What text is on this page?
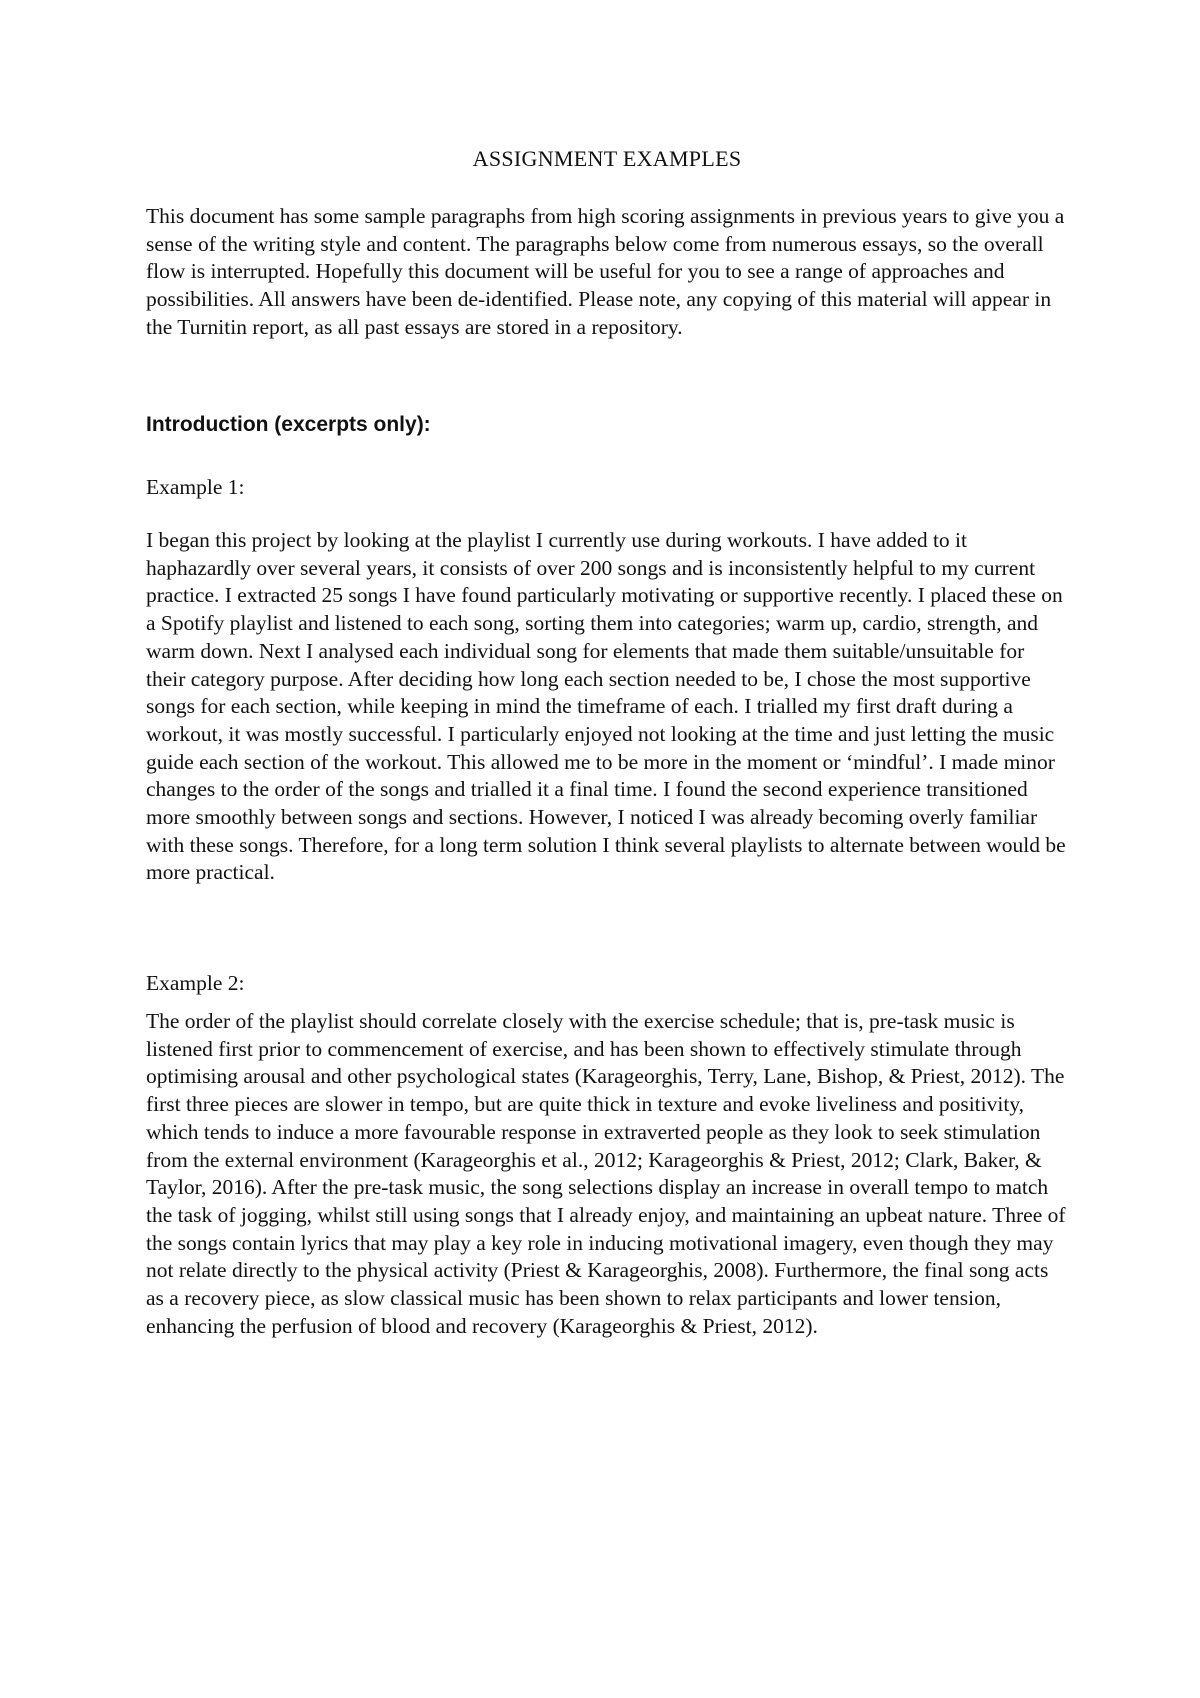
ASSIGNMENT EXAMPLES

This document has some sample paragraphs from high scoring assignments in previous years to give you a sense of the writing style and content. The paragraphs below come from numerous essays, so the overall flow is interrupted. Hopefully this document will be useful for you to see a range of approaches and possibilities. All answers have been de-identified. Please note, any copying of this material will appear in the Turnitin report, as all past essays are stored in a repository.

Introduction (excerpts only):

Example 1:

I began this project by looking at the playlist I currently use during workouts. I have added to it haphazardly over several years, it consists of over 200 songs and is inconsistently helpful to my current practice. I extracted 25 songs I have found particularly motivating or supportive recently. I placed these on a Spotify playlist and listened to each song, sorting them into categories; warm up, cardio, strength, and warm down. Next I analysed each individual song for elements that made them suitable/unsuitable for their category purpose. After deciding how long each section needed to be, I chose the most supportive songs for each section, while keeping in mind the timeframe of each. I trialled my first draft during a workout, it was mostly successful. I particularly enjoyed not looking at the time and just letting the music guide each section of the workout. This allowed me to be more in the moment or ‘mindful’. I made minor changes to the order of the songs and trialled it a final time. I found the second experience transitioned more smoothly between songs and sections. However, I noticed I was already becoming overly familiar with these songs. Therefore, for a long term solution I think several playlists to alternate between would be more practical.

Example 2:

The order of the playlist should correlate closely with the exercise schedule; that is, pre-task music is listened first prior to commencement of exercise, and has been shown to effectively stimulate through optimising arousal and other psychological states (Karageorghis, Terry, Lane, Bishop, & Priest, 2012). The first three pieces are slower in tempo, but are quite thick in texture and evoke liveliness and positivity, which tends to induce a more favourable response in extraverted people as they look to seek stimulation from the external environment (Karageorghis et al., 2012; Karageorghis & Priest, 2012; Clark, Baker, & Taylor, 2016). After the pre-task music, the song selections display an increase in overall tempo to match the task of jogging, whilst still using songs that I already enjoy, and maintaining an upbeat nature. Three of the songs contain lyrics that may play a key role in inducing motivational imagery, even though they may not relate directly to the physical activity (Priest & Karageorghis, 2008). Furthermore, the final song acts as a recovery piece, as slow classical music has been shown to relax participants and lower tension, enhancing the perfusion of blood and recovery (Karageorghis & Priest, 2012).
